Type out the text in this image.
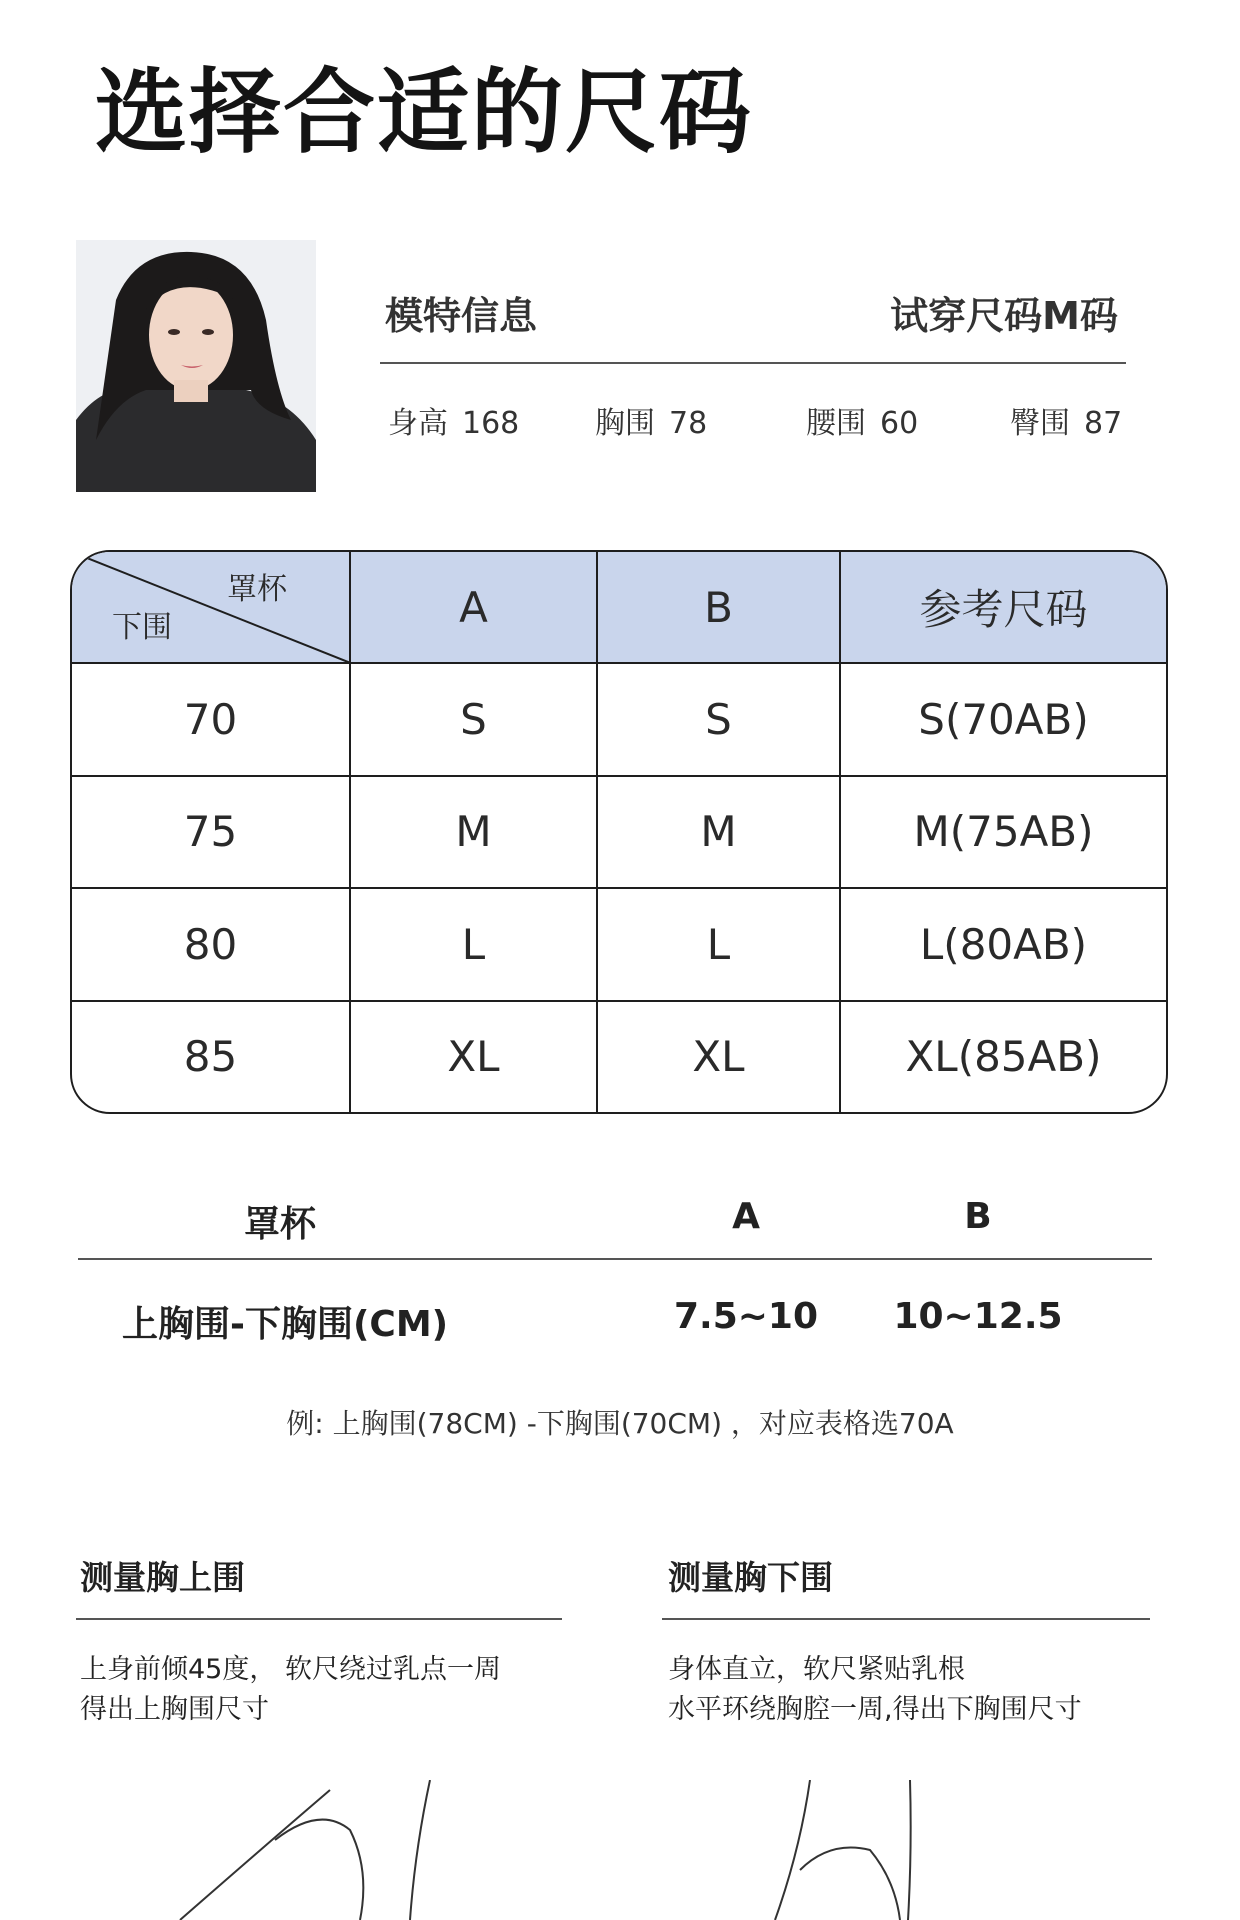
选择合适的尺码
模特信息	试穿尺码M码
身高 168	胸围 78	腰围 60	臀围 87
罩杯
下围	A	B	参考尺码
70	S	S	S(70AB)
75	M	M	M(75AB)
80	L	L	L(80AB)
85	XL	XL	XL(85AB)
罩杯	A	B
上胸围-下胸围(CM)	7.5~10 10~12.5
例: 上胸围(78CM) -下胸围(70CM) ，对应表格选70A
测量胸上围
上身前倾45度， 软尺绕过乳点一周
得出上胸围尺寸
测量胸下围
身体直立，软尺紧贴乳根
水平环绕胸腔一周,得出下胸围尺寸
